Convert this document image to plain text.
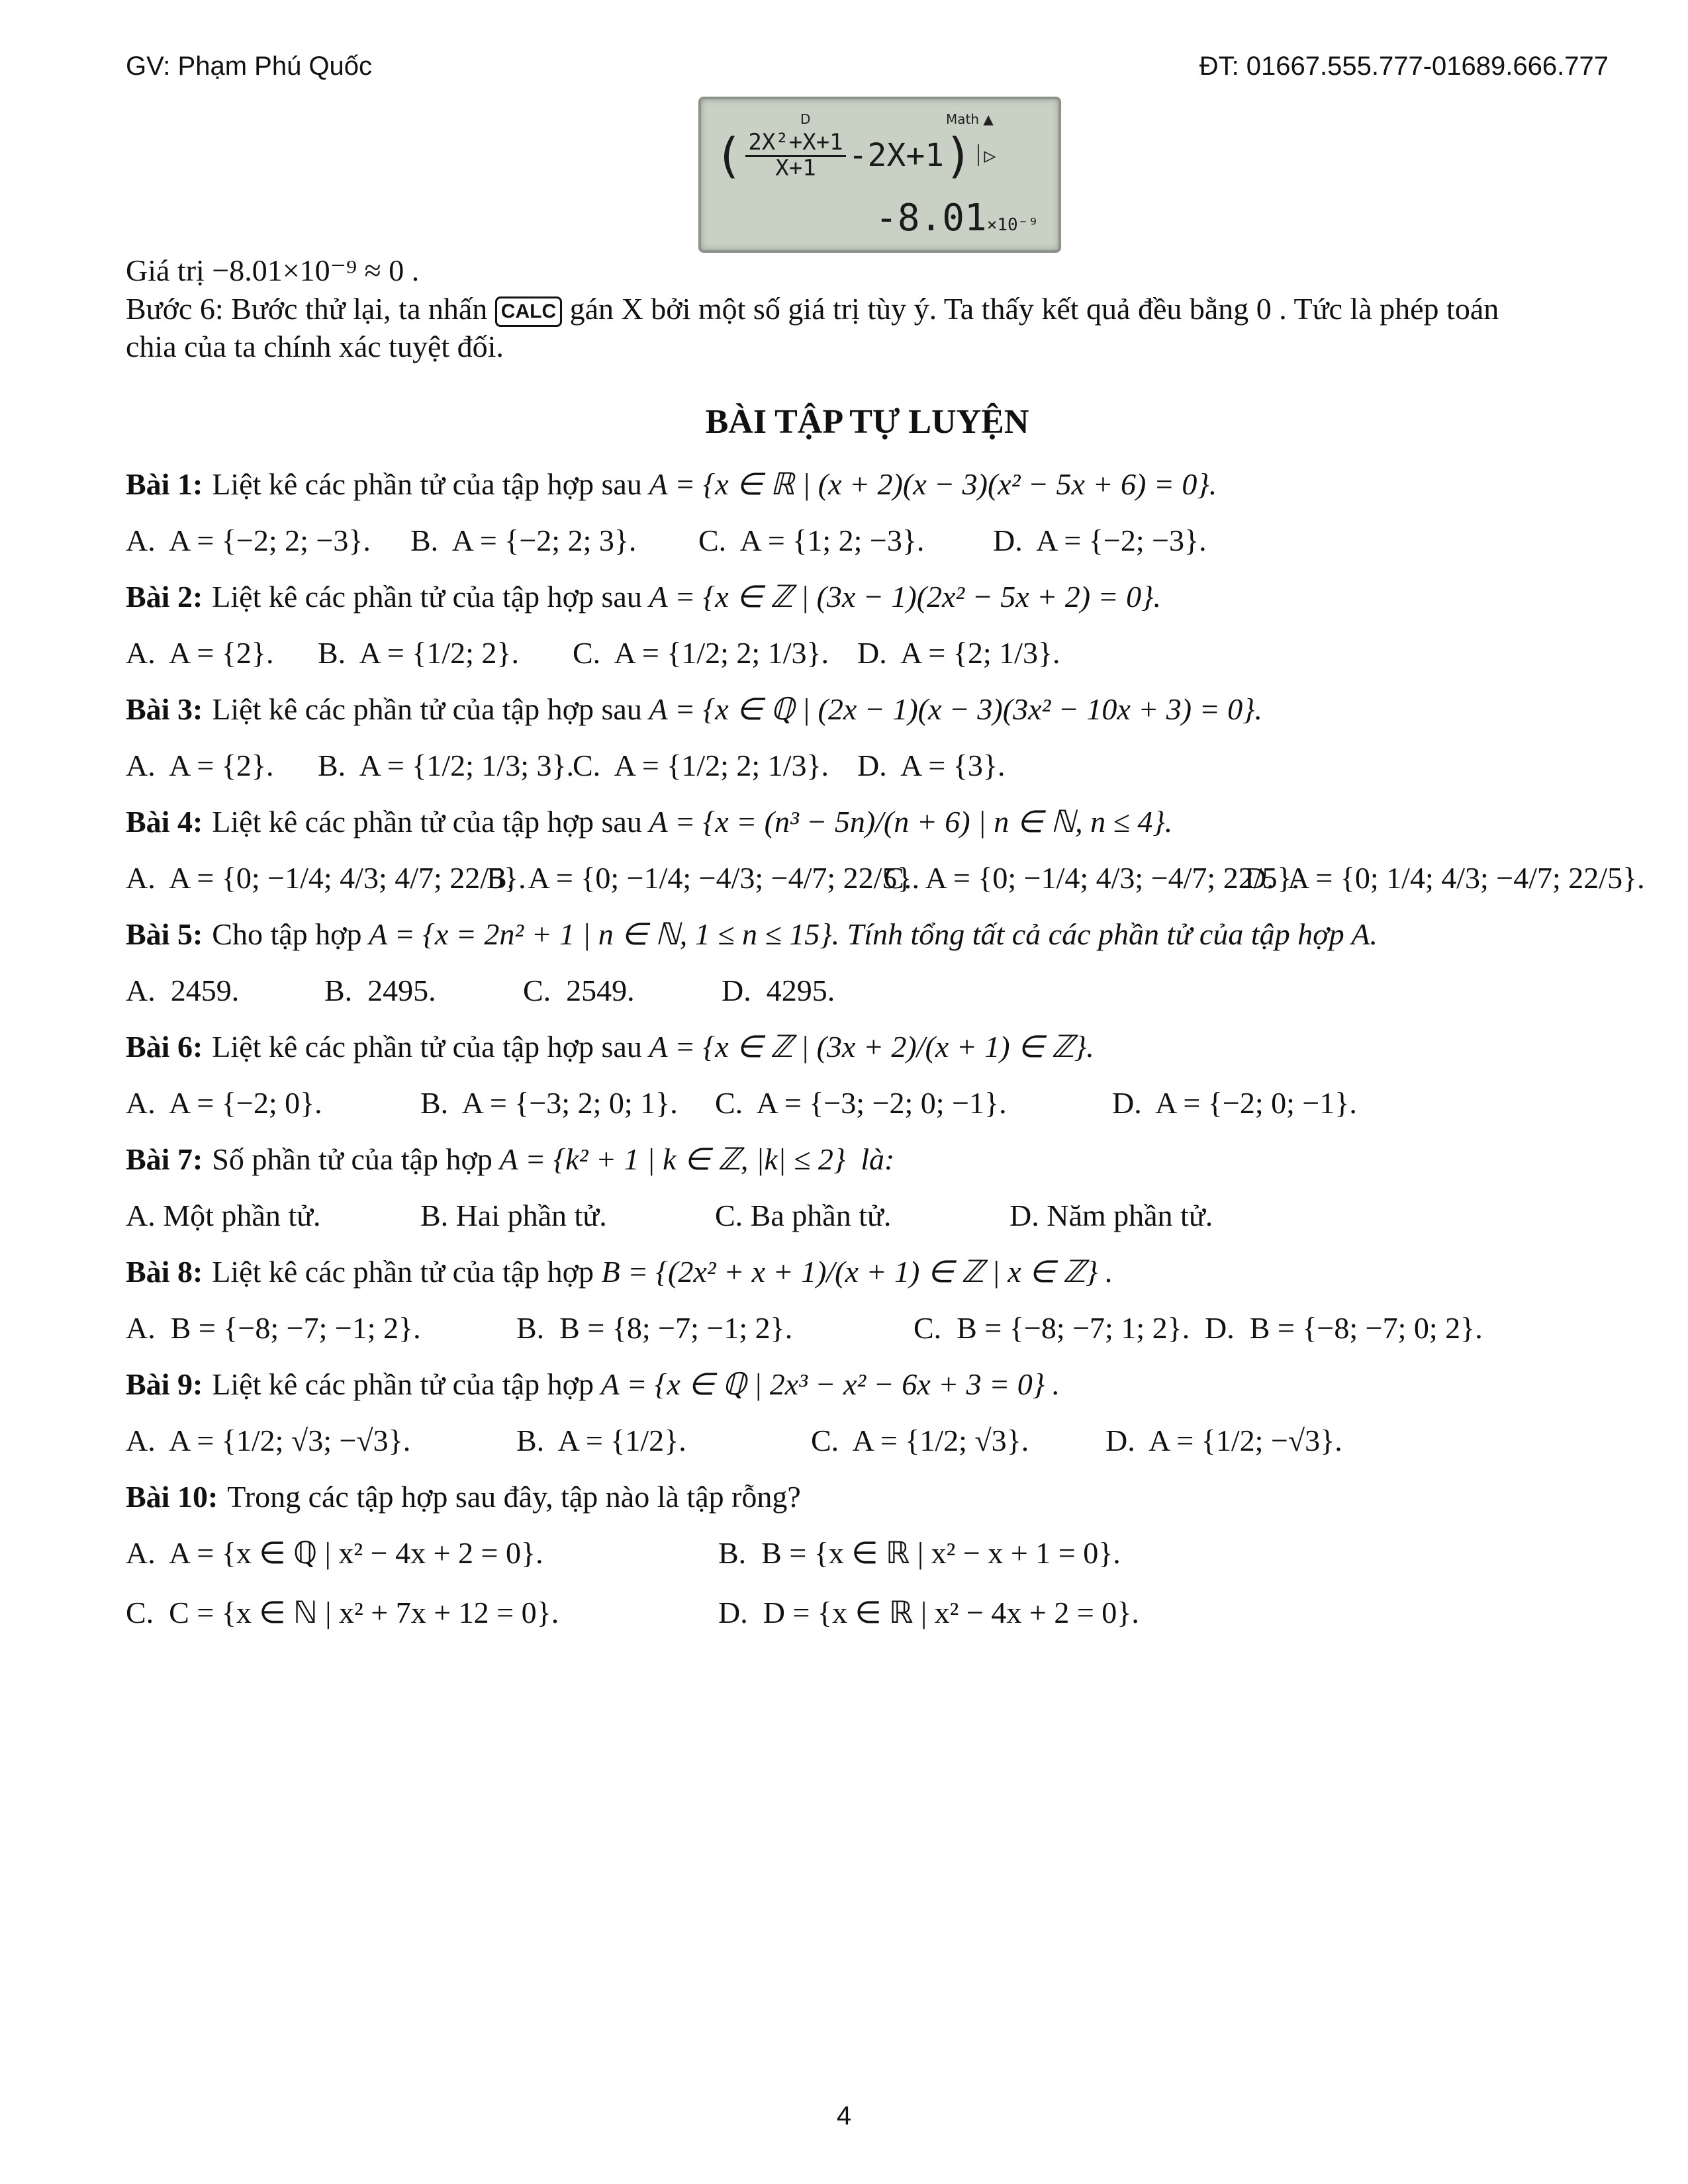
GV: Phạm Phú Quốc	ĐT: 01667.555.777-01689.666.777
D	Math ▲
( $\frac{\text{2X²+X+1}}{X+1} -2X+1$ ) ⏐▷
-8.01×10⁻⁹

Giá trị −8.01×10⁻⁹ ≈ 0 .

Bước 6: Bước thử lại, ta nhấn CALC gán X bởi một số giá trị tùy ý. Ta thấy kết quả đều bằng 0 . Tức là phép toán

chia của ta chính xác tuyệt đối.

BÀI TẬP TỰ LUYỆN
Bài 1: Liệt kê các phần tử của tập hợp sau A = {x ∈ ℝ | (x + 2)(x − 3)(x² − 5x + 6) = 0}.
A.  A = {−2; 2; −3}.	B.  A = {−2; 2; 3}.	C.  A = {1; 2; −3}.	D.  A = {−2; −3}.
Bài 2: Liệt kê các phần tử của tập hợp sau A = {x ∈ ℤ | (3x − 1)(2x² − 5x + 2) = 0}.
A.  A = {2}.	B.  A = {1/2; 2}.	C.  A = {1/2; 2; 1/3}. D.  A = {2; 1/3}.
Bài 3: Liệt kê các phần tử của tập hợp sau A = {x ∈ ℚ | (2x − 1)(x − 3)(3x² − 10x + 3) = 0}.
A.  A = {2}.	B.  A = {1/2; 1/3; 3}.
C.  A = {1/2; 2; 1/3}. D.  A = {3}.
Bài 4: Liệt kê các phần tử của tập hợp sau A = {x = (n³ − 5n)/(n + 6) | n ∈ ℕ, n ≤ 4}.
A.  A = {0; −1/4; 4/3; 4/7; 22/5}.
B.  A = {0; −1/4; −4/3; −4/7; 22/5}.
C.  A = {0; −1/4; 4/3; −4/7; 22/5}.
D.  A = {0; 1/4; 4/3; −4/7; 22/5}.
Bài 5: Cho tập hợp A = {x = 2n² + 1 | n ∈ ℕ, 1 ≤ n ≤ 15}. Tính tổng tất cả các phần tử của tập hợp A.
A.  2459.	B.  2495.	C.  2549.	D.  4295.
Bài 6: Liệt kê các phần tử của tập hợp sau A = {x ∈ ℤ | (3x + 2)/(x + 1) ∈ ℤ}.
A.  A = {−2; 0}.	B.  A = {−3; 2; 0; 1}.	C.  A = {−3; −2; 0; −1}.	D.  A = {−2; 0; −1}.
Bài 7: Số phần tử của tập hợp A = {k² + 1 | k ∈ ℤ, |k| ≤ 2}  là:
A. Một phần tử.	B. Hai phần tử.	C. Ba phần tử.	D. Năm phần tử.
Bài 8: Liệt kê các phần tử của tập hợp B = {(2x² + x + 1)/(x + 1) ∈ ℤ | x ∈ ℤ} .
A.  B = {−8; −7; −1; 2}.	B.  B = {8; −7; −1; 2}.	C.  B = {−8; −7; 1; 2}. D.  B = {−8; −7; 0; 2}.
Bài 9: Liệt kê các phần tử của tập hợp A = {x ∈ ℚ | 2x³ − x² − 6x + 3 = 0} .
A.  A = {1/2; √3; −√3}.	B.  A = {1/2}.	C.  A = {1/2; √3}.	D.  A = {1/2; −√3}.
Bài 10: Trong các tập hợp sau đây, tập nào là tập rỗng?
A.  A = {x ∈ ℚ | x² − 4x + 2 = 0}.	B.  B = {x ∈ ℝ | x² − x + 1 = 0}.
C.  C = {x ∈ ℕ | x² + 7x + 12 = 0}.	D.  D = {x ∈ ℝ | x² − 4x + 2 = 0}.
4
